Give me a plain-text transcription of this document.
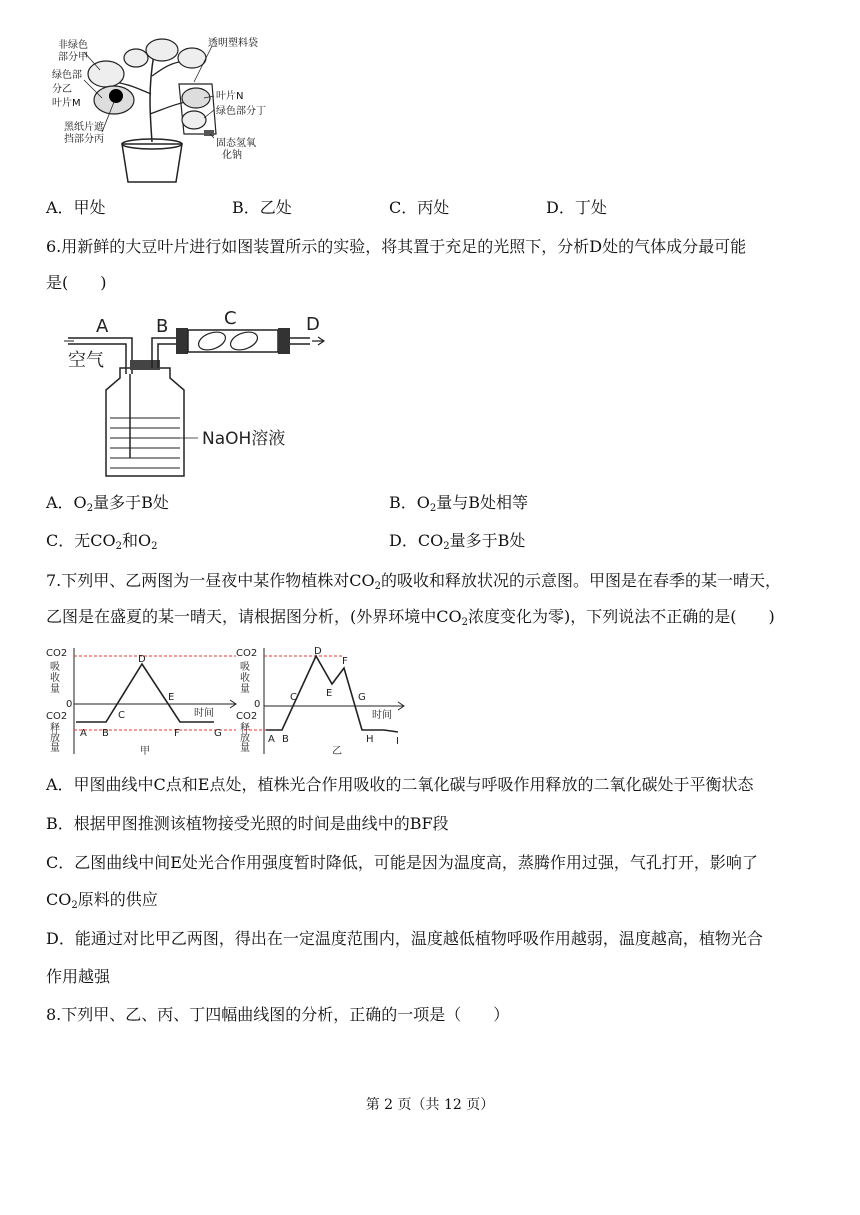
非绿色
部分甲
绿色部
分乙
叶片M
黑纸片遮
挡部分丙
透明塑料袋
叶片N
绿色部分丁
固态氢氧
化钠
A．甲处	B．乙处	C．丙处	D．丁处
6.用新鲜的大豆叶片进行如图装置所示的实验，将其置于充足的光照下，分析D处的气体成分最可能
是(　　)
A	B	C	D
空气
NaOH溶液
A．$O_2$量多于B处	B．$O_2$量与B处相等
C．无$CO_2$和$O_2$	D．$CO_2$量多于B处
7.下列甲、乙两图为一昼夜中某作物植株对$CO_2$的吸收和释放状况的示意图。甲图是在春季的某一晴天，
乙图是在盛夏的某一晴天，请根据图分析，(外界环境中$CO_2$浓度变化为零)，下列说法不正确的是(　　)
CO2
吸
收
量
0
CO2
释
放
量
A B
C
D
E
F	G
时间
甲
CO2
吸
收
量
0
CO2
释
放
量
A B
C
D
E
F
G
H I
时间
乙
A．甲图曲线中C点和E点处，植株光合作用吸收的二氧化碳与呼吸作用释放的二氧化碳处于平衡状态
B．根据甲图推测该植物接受光照的时间是曲线中的BF段
C．乙图曲线中间E处光合作用强度暂时降低，可能是因为温度高，蒸腾作用过强，气孔打开，影响了
$CO_2$原料的供应
D．能通过对比甲乙两图，得出在一定温度范围内，温度越低植物呼吸作用越弱，温度越高，植物光合
作用越强
8.下列甲、乙、丙、丁四幅曲线图的分析，正确的一项是（　　）
第 2 页（共 12 页）
